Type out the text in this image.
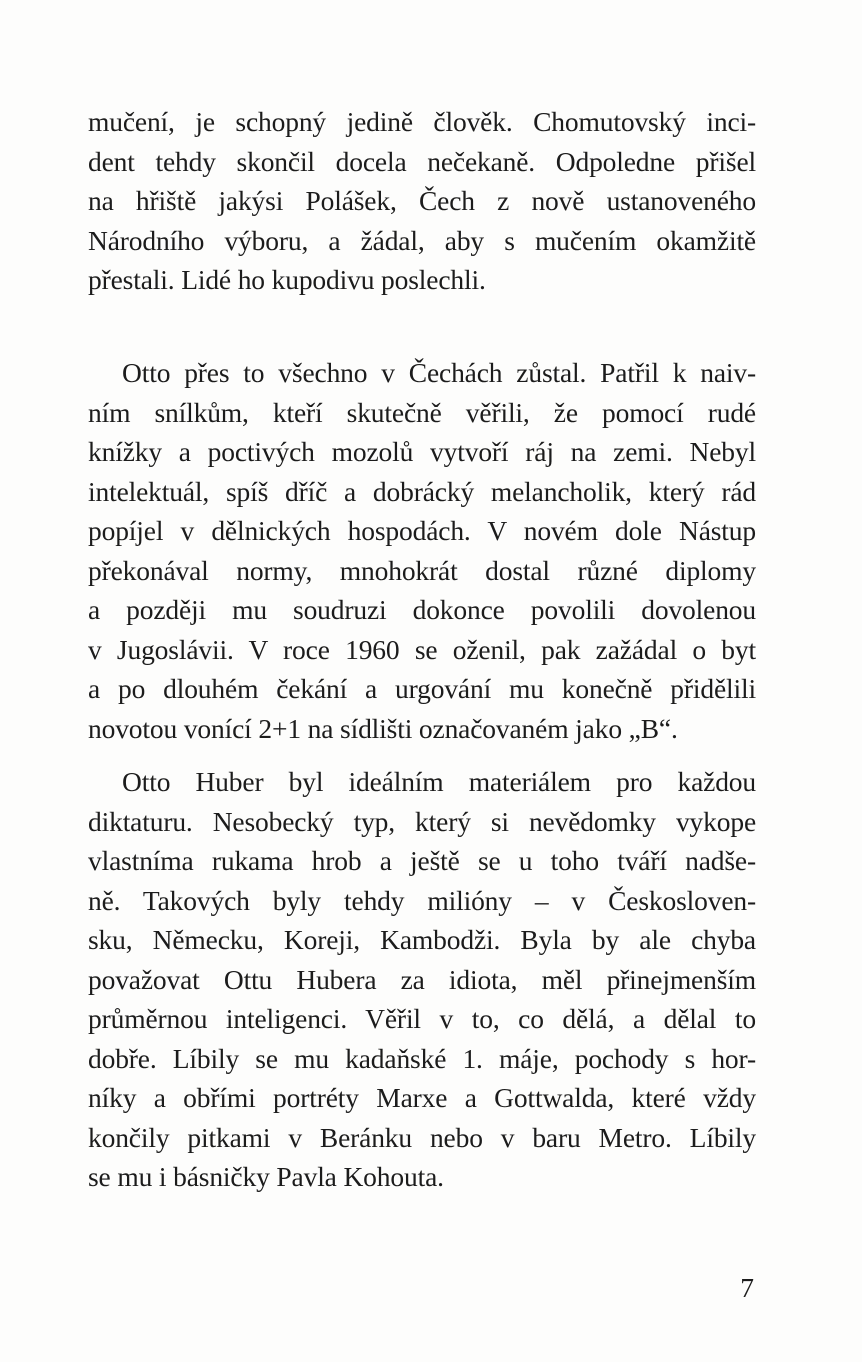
mučení, je schopný jedině člověk. Chomutovský inci-
dent tehdy skončil docela nečekaně. Odpoledne přišel
na hřiště jakýsi Polášek, Čech z nově ustanoveného
Národního výboru, a žádal, aby s mučením okamžitě
přestali. Lidé ho kupodivu poslechli.
Otto přes to všechno v Čechách zůstal. Patřil k naiv-
ním snílkům, kteří skutečně věřili, že pomocí rudé
knížky a poctivých mozolů vytvoří ráj na zemi. Nebyl
intelektuál, spíš dříč a dobrácký melancholik, který rád
popíjel v dělnických hospodách. V novém dole Nástup
překonával normy, mnohokrát dostal různé diplomy
a později mu soudruzi dokonce povolili dovolenou
v Jugoslávii. V roce 1960 se oženil, pak zažádal o byt
a po dlouhém čekání a urgování mu konečně přidělili
novotou vonící 2+1 na sídlišti označovaném jako „B“.
Otto Huber byl ideálním materiálem pro každou
diktaturu. Nesobecký typ, který si nevědomky vykope
vlastníma rukama hrob a ještě se u toho tváří nadše-
ně. Takových byly tehdy milióny – v Českosloven-
sku, Německu, Koreji, Kambodži. Byla by ale chyba
považovat Ottu Hubera za idiota, měl přinejmenším
průměrnou inteligenci. Věřil v to, co dělá, a dělal to
dobře. Líbily se mu kadaňské 1. máje, pochody s hor-
níky a obřími portréty Marxe a Gottwalda, které vždy
končily pitkami v Beránku nebo v baru Metro. Líbily
se mu i básničky Pavla Kohouta.
7
